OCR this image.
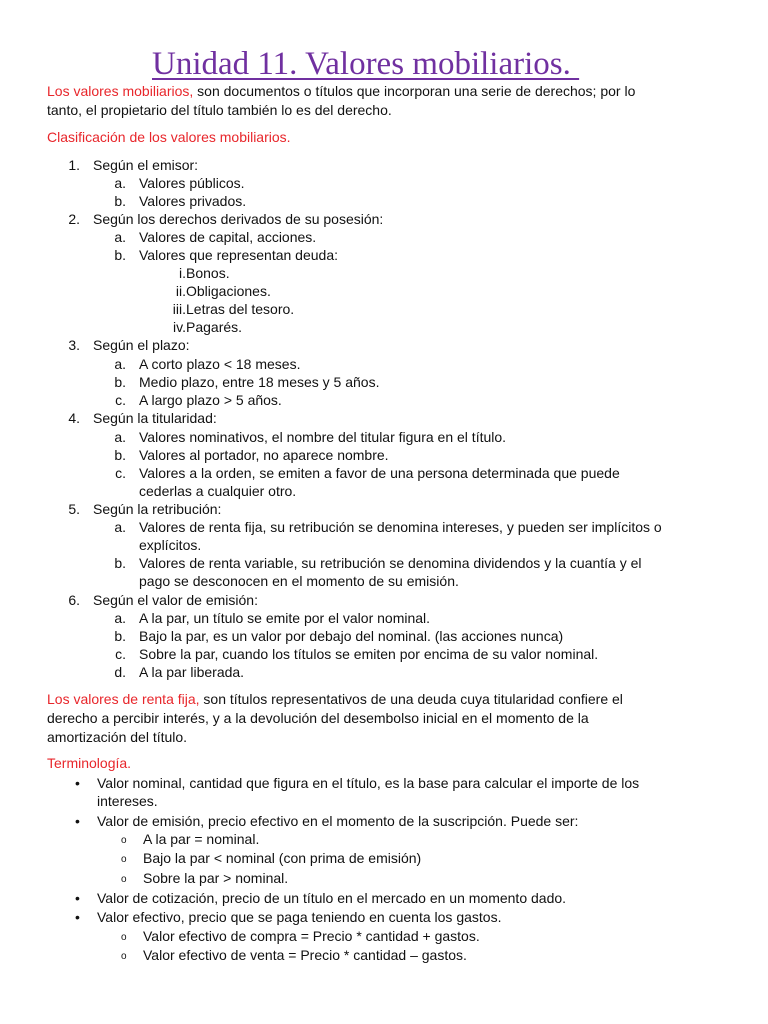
Unidad 11. Valores mobiliarios.

Los valores mobiliarios, son documentos o títulos que incorporan una serie de derechos; por lo
tanto, el propietario del título también lo es del derecho.

Clasificación de los valores mobiliarios.

1. Según el emisor:
a. Valores públicos.
b. Valores privados.
2. Según los derechos derivados de su posesión:
a. Valores de capital, acciones.
b. Valores que representan deuda:
i. Bonos.
ii. Obligaciones.
iii. Letras del tesoro.
iv. Pagarés.
3. Según el plazo:
a. A corto plazo < 18 meses.
b. Medio plazo, entre 18 meses y 5 años.
c. A largo plazo > 5 años.
4. Según la titularidad:
a. Valores nominativos, el nombre del titular figura en el título.
b. Valores al portador, no aparece nombre.
c. Valores a la orden, se emiten a favor de una persona determinada que puede
cederlas a cualquier otro.
5. Según la retribución:
a. Valores de renta fija, su retribución se denomina intereses, y pueden ser implícitos o
explícitos.
b. Valores de renta variable, su retribución se denomina dividendos y la cuantía y el
pago se desconocen en el momento de su emisión.
6. Según el valor de emisión:
a. A la par, un título se emite por el valor nominal.
b. Bajo la par, es un valor por debajo del nominal. (las acciones nunca)
c. Sobre la par, cuando los títulos se emiten por encima de su valor nominal.
d. A la par liberada.

Los valores de renta fija, son títulos representativos de una deuda cuya titularidad confiere el
derecho a percibir interés, y a la devolución del desembolso inicial en el momento de la
amortización del título.

Terminología.

• Valor nominal, cantidad que figura en el título, es la base para calcular el importe de los
intereses.
• Valor de emisión, precio efectivo en el momento de la suscripción. Puede ser:
o A la par = nominal.
o Bajo la par < nominal (con prima de emisión)
o Sobre la par > nominal.
• Valor de cotización, precio de un título en el mercado en un momento dado.
• Valor efectivo, precio que se paga teniendo en cuenta los gastos.
o Valor efectivo de compra = Precio * cantidad + gastos.
o Valor efectivo de venta = Precio * cantidad – gastos.
